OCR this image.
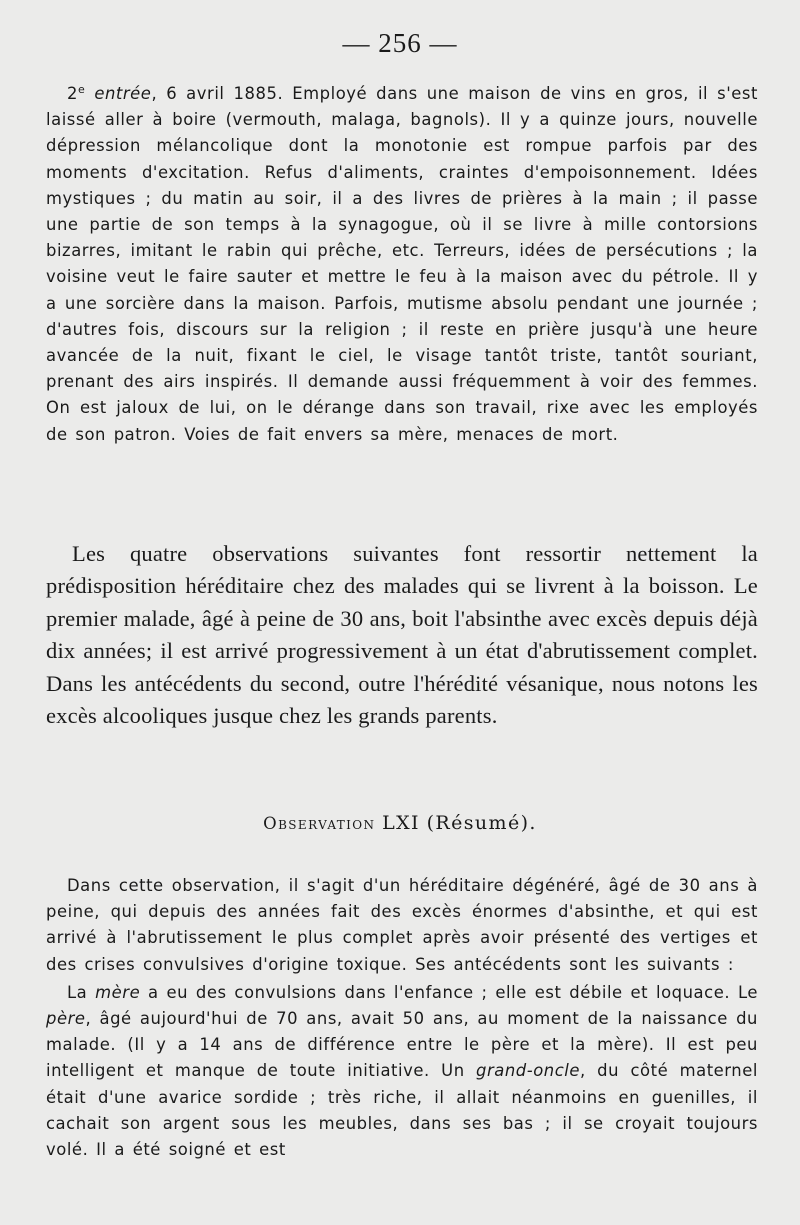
— 256 —

2e entrée, 6 avril 1885. Employé dans une maison de vins en gros, il s'est laissé aller à boire (vermouth, malaga, bagnols). Il y a quinze jours, nouvelle dépression mélancolique dont la monotonie est rompue parfois par des moments d'excitation. Refus d'aliments, craintes d'empoisonnement. Idées mystiques ; du matin au soir, il a des livres de prières à la main ; il passe une partie de son temps à la synagogue, où il se livre à mille contorsions bizarres, imitant le rabin qui prêche, etc. Terreurs, idées de persécutions ; la voisine veut le faire sauter et mettre le feu à la maison avec du pétrole. Il y a une sorcière dans la maison. Parfois, mutisme absolu pendant une journée ; d'autres fois, discours sur la religion ; il reste en prière jusqu'à une heure avancée de la nuit, fixant le ciel, le visage tantôt triste, tantôt souriant, prenant des airs inspirés. Il demande aussi fréquemment à voir des femmes. On est jaloux de lui, on le dérange dans son travail, rixe avec les employés de son patron. Voies de fait envers sa mère, menaces de mort.

Les quatre observations suivantes font ressortir nettement la prédisposition héréditaire chez des malades qui se livrent à la boisson. Le premier malade, âgé à peine de 30 ans, boit l'absinthe avec excès depuis déjà dix années; il est arrivé progressivement à un état d'abrutissement complet. Dans les antécédents du second, outre l'hérédité vésanique, nous notons les excès alcooliques jusque chez les grands parents.

Observation LXI (Résumé).

Dans cette observation, il s'agit d'un héréditaire dégénéré, âgé de 30 ans à peine, qui depuis des années fait des excès énormes d'absinthe, et qui est arrivé à l'abrutissement le plus complet après avoir présenté des vertiges et des crises convulsives d'origine toxique. Ses antécédents sont les suivants :

La mère a eu des convulsions dans l'enfance ; elle est débile et loquace. Le père, âgé aujourd'hui de 70 ans, avait 50 ans, au moment de la naissance du malade. (Il y a 14 ans de différence entre le père et la mère). Il est peu intelligent et manque de toute initiative. Un grand-oncle, du côté maternel était d'une avarice sordide ; très riche, il allait néanmoins en guenilles, il cachait son argent sous les meubles, dans ses bas ; il se croyait toujours volé. Il a été soigné et est
